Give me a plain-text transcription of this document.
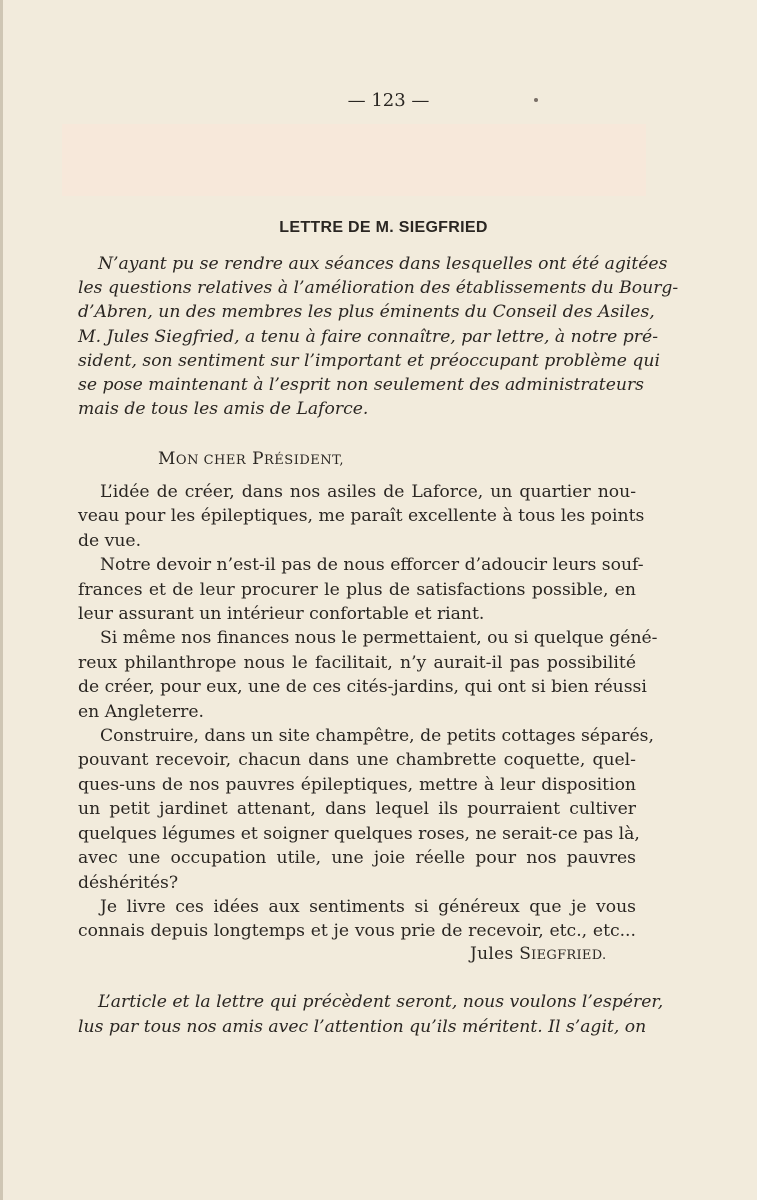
— 123 —
LETTRE DE M. SIEGFRIED
N’ayant pu se rendre aux séances dans lesquelles ont été agitées
les questions relatives à l’amélioration des établissements du Bourg-
d’Abren, un des membres les plus éminents du Conseil des Asiles,
M. Jules Siegfried, a tenu à faire connaître, par lettre, à notre pré-
sident, son sentiment sur l’important et préoccupant problème qui
se pose maintenant à l’esprit non seulement des administrateurs
mais de tous les amis de Laforce.
MON CHER PRÉSIDENT,
L’idée de créer, dans nos asiles de Laforce, un quartier nou-
veau pour les épileptiques, me paraît excellente à tous les points
de vue.
Notre devoir n’est-il pas de nous efforcer d’adoucir leurs souf-
frances et de leur procurer le plus de satisfactions possible, en
leur assurant un intérieur confortable et riant.
Si même nos finances nous le permettaient, ou si quelque géné-
reux philanthrope nous le facilitait, n’y aurait-il pas possibilité
de créer, pour eux, une de ces cités-jardins, qui ont si bien réussi
en Angleterre.
Construire, dans un site champêtre, de petits cottages séparés,
pouvant recevoir, chacun dans une chambrette coquette, quel-
ques-uns de nos pauvres épileptiques, mettre à leur disposition
un petit jardinet attenant, dans lequel ils pourraient cultiver
quelques légumes et soigner quelques roses, ne serait-ce pas là,
avec une occupation utile, une joie réelle pour nos pauvres
déshérités?
Je livre ces idées aux sentiments si généreux que je vous
connais depuis longtemps et je vous prie de recevoir, etc., etc...
Jules SIEGFRIED.
L’article et la lettre qui précèdent seront, nous voulons l’espérer,
lus par tous nos amis avec l’attention qu’ils méritent. Il s’agit, on
